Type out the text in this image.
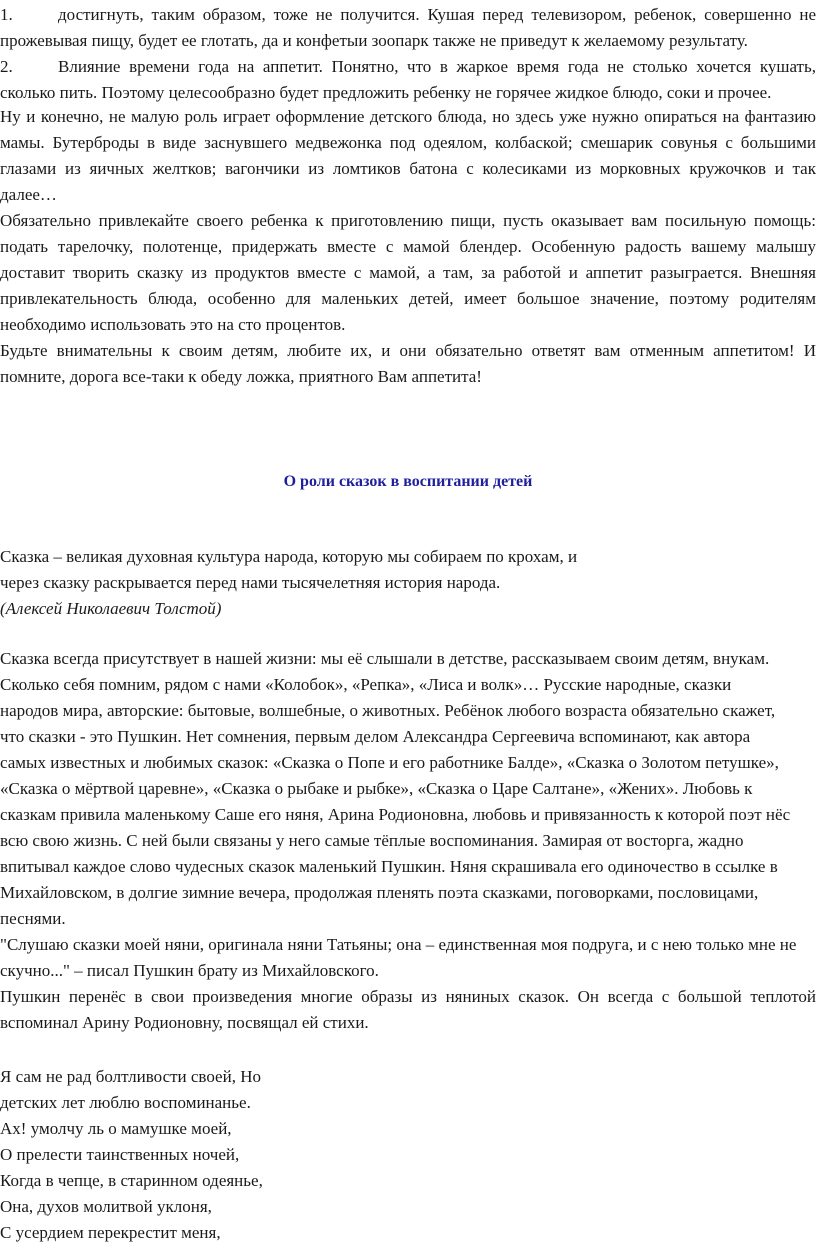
1.	достигнуть, таким образом, тоже не получится. Кушая перед телевизором, ребенок, совершенно не
прожевывая пищу, будет ее глотать, да и конфетыи зоопарк также не приведут к желаемому результату.
2.	Влияние времени года на аппетит. Понятно, что в жаркое время года не столько хочется кушать,
сколько пить. Поэтому целесообразно будет предложить ребенку не горячее жидкое блюдо, соки и прочее.
Ну и конечно, не малую роль играет оформление детского блюда, но здесь уже нужно опираться на фантазию
мамы. Бутерброды в виде заснувшего медвежонка под одеялом, колбаской; смешарик совунья с большими
глазами из яичных желтков; вагончики из ломтиков батона с колесиками из морковных кружочков и так
далее…
Обязательно привлекайте своего ребенка к приготовлению пищи, пусть оказывает вам посильную помощь:
подать тарелочку, полотенце, придержать вместе с мамой блендер. Особенную радость вашему малышу
доставит творить сказку из продуктов вместе с мамой, а там, за работой и аппетит разыграется. Внешняя
привлекательность блюда, особенно для маленьких детей, имеет большое значение, поэтому родителям
необходимо использовать это на сто процентов.
Будьте внимательны к своим детям, любите их, и они обязательно ответят вам отменным аппетитом! И
помните, дорога все-таки к обеду ложка, приятного Вам аппетита!
О роли сказок в воспитании детей
Сказка – великая духовная культура народа, которую мы собираем по крохам, и
через сказку раскрывается перед нами тысячелетняя история народа.
(Алексей Николаевич Толстой)
Сказка всегда присутствует в нашей жизни: мы её слышали в детстве, рассказываем своим детям, внукам.
Сколько себя помним, рядом с нами «Колобок», «Репка», «Лиса и волк»… Русские народные, сказки
народов мира, авторские: бытовые, волшебные, о животных. Ребёнок любого возраста обязательно скажет,
что сказки - это Пушкин. Нет сомнения, первым делом Александра Сергеевича вспоминают, как автора
самых известных и любимых сказок: «Сказка о Попе и его работнике Балде», «Сказка о Золотом петушке»,
«Сказка о мёртвой царевне», «Сказка о рыбаке и рыбке», «Сказка о Царе Салтане», «Жених». Любовь к
сказкам привила маленькому Саше его няня, Арина Родионовна, любовь и привязанность к которой поэт нёс
всю свою жизнь. С ней были связаны у него самые тёплые воспоминания. Замирая от восторга, жадно
впитывал каждое слово чудесных сказок маленький Пушкин. Няня скрашивала его одиночество в ссылке в
Михайловском, в долгие зимние вечера, продолжая пленять поэта сказками, поговорками, пословицами,
песнями.
"Слушаю сказки моей няни, оригинала няни Татьяны; она – единственная моя подруга, и с нею только мне не
скучно..." – писал Пушкин брату из Михайловского.
Пушкин перенёс в свои произведения многие образы из няниных сказок. Он всегда с большой теплотой
вспоминал Арину Родионовну, посвящал ей стихи.
Я сам не рад болтливости своей, Но
детских лет люблю воспоминанье.
Ах! умолчу ль о мамушке моей,
О прелести таинственных ночей,
Когда в чепце, в старинном одеянье,
Она, духов молитвой уклоня,
С усердием перекрестит меня,
